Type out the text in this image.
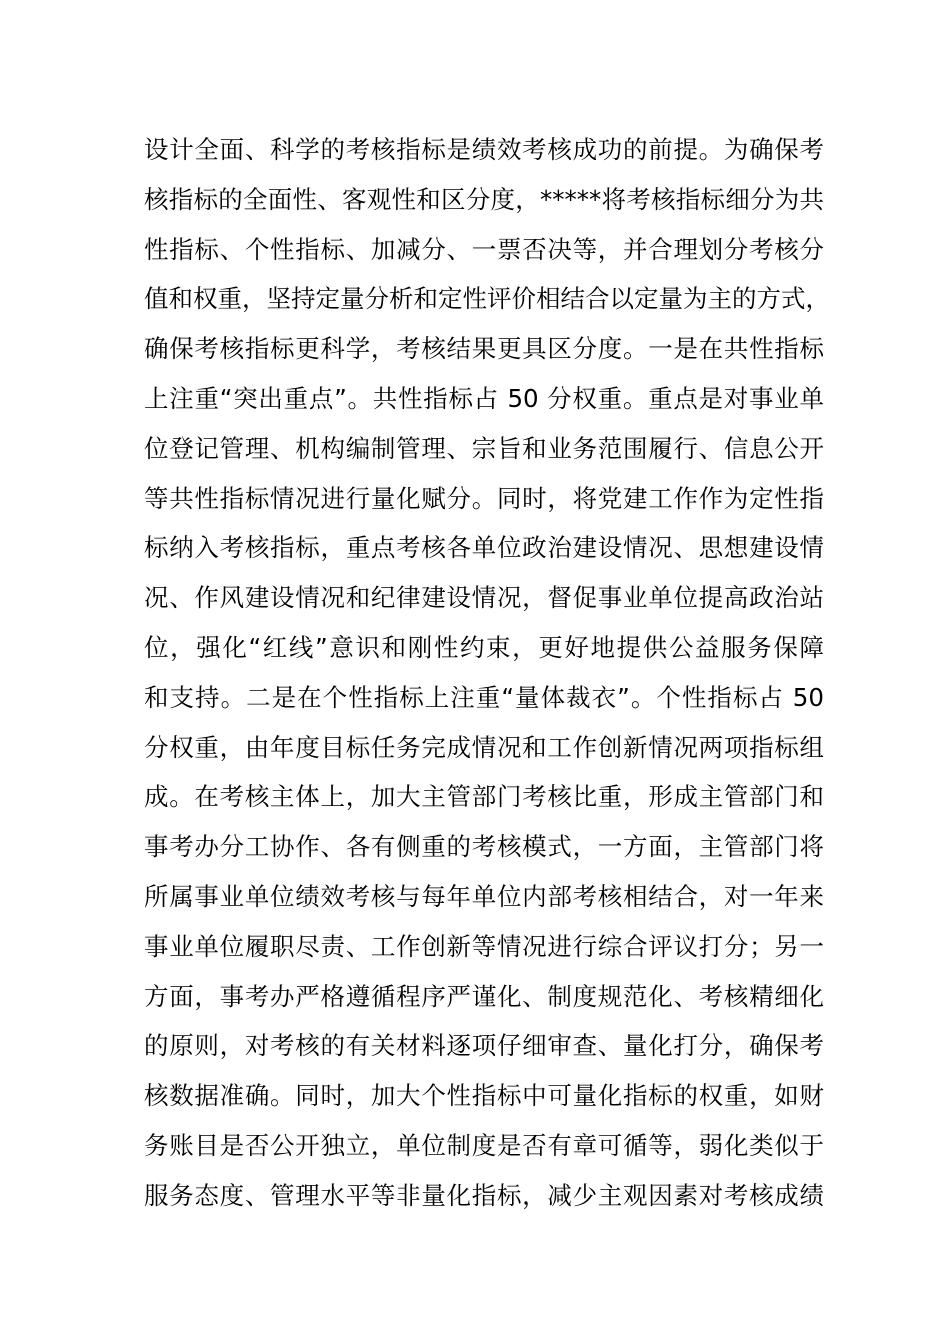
设计全面、科学的考核指标是绩效考核成功的前提。为确保考
核指标的全面性、客观性和区分度，*****将考核指标细分为共
性指标、个性指标、加减分、一票否决等，并合理划分考核分
值和权重，坚持定量分析和定性评价相结合以定量为主的方式，
确保考核指标更科学，考核结果更具区分度。一是在共性指标
上注重“突出重点”。共性指标占 50 分权重。重点是对事业单
位登记管理、机构编制管理、宗旨和业务范围履行、信息公开
等共性指标情况进行量化赋分。同时，将党建工作作为定性指
标纳入考核指标，重点考核各单位政治建设情况、思想建设情
况、作风建设情况和纪律建设情况，督促事业单位提高政治站
位，强化“红线”意识和刚性约束，更好地提供公益服务保障
和支持。二是在个性指标上注重“量体裁衣”。个性指标占 50
分权重，由年度目标任务完成情况和工作创新情况两项指标组
成。在考核主体上，加大主管部门考核比重，形成主管部门和
事考办分工协作、各有侧重的考核模式，一方面，主管部门将
所属事业单位绩效考核与每年单位内部考核相结合，对一年来
事业单位履职尽责、工作创新等情况进行综合评议打分；另一
方面，事考办严格遵循程序严谨化、制度规范化、考核精细化
的原则，对考核的有关材料逐项仔细审查、量化打分，确保考
核数据准确。同时，加大个性指标中可量化指标的权重，如财
务账目是否公开独立，单位制度是否有章可循等，弱化类似于
服务态度、管理水平等非量化指标，减少主观因素对考核成绩
